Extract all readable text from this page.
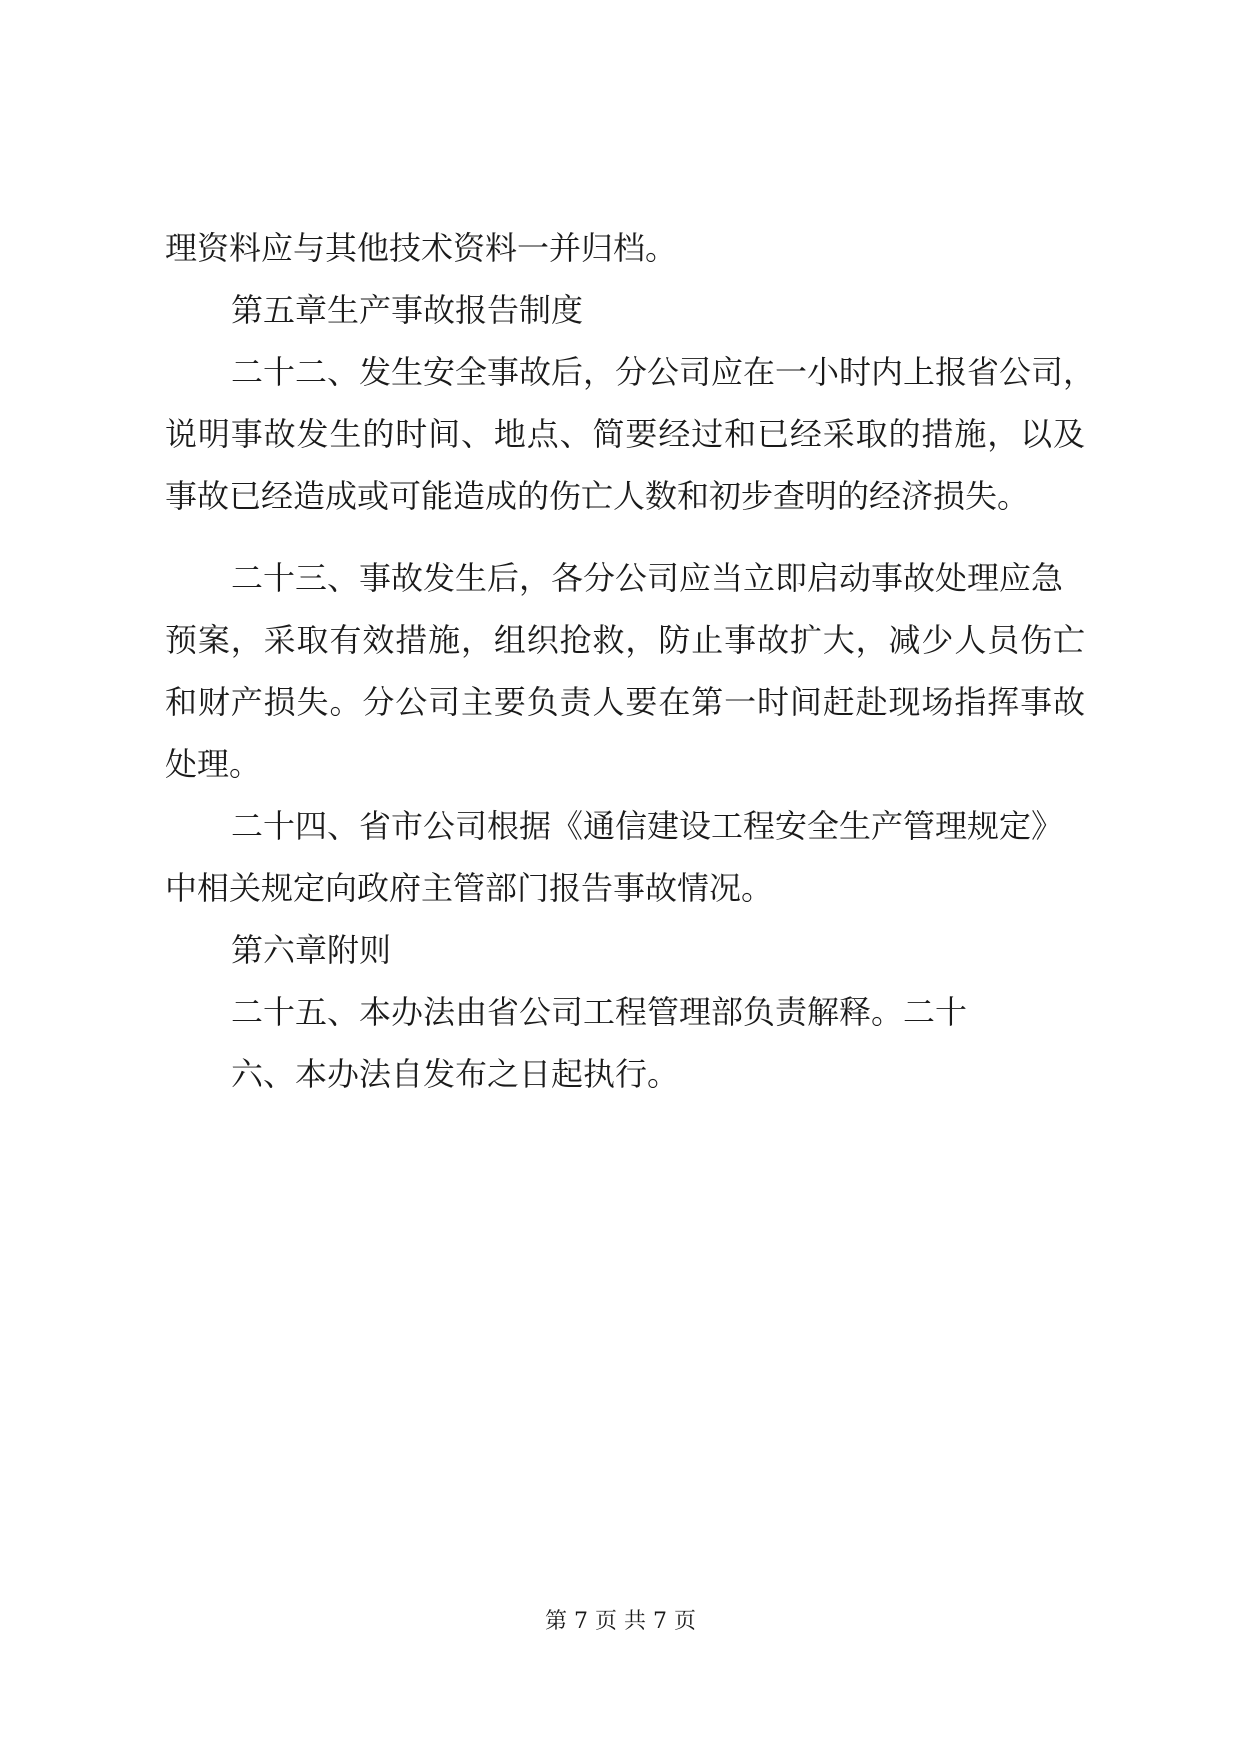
理资料应与其他技术资料一并归档。
第五章生产事故报告制度
二十二、发生安全事故后，分公司应在一小时内上报省公司，
说明事故发生的时间、地点、简要经过和已经采取的措施，以及
事故已经造成或可能造成的伤亡人数和初步查明的经济损失。
二十三、事故发生后，各分公司应当立即启动事故处理应急
预案，采取有效措施，组织抢救，防止事故扩大，减少人员伤亡
和财产损失。分公司主要负责人要在第一时间赶赴现场指挥事故
处理。
二十四、省市公司根据《通信建设工程安全生产管理规定》
中相关规定向政府主管部门报告事故情况。
第六章附则
二十五、本办法由省公司工程管理部负责解释。二十
六、本办法自发布之日起执行。
第 7 页 共 7 页
